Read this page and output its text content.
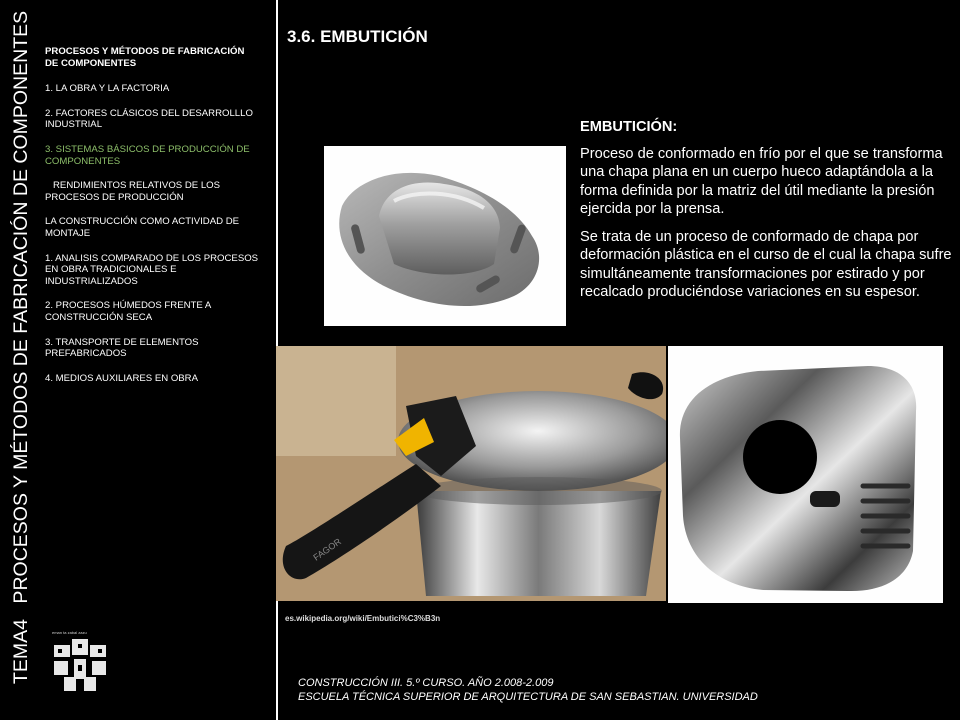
TEMA4 PROCESOS Y MÉTODOS DE FABRICACIÓN DE COMPONENTES	PROCESOS Y MÉTODOS DE FABRICACIÓN
DE COMPONENTES
1. LA OBRA Y LA FACTORIA
2. FACTORES CLÁSICOS DEL DESARROLLLO INDUSTRIAL
3. SISTEMAS BÁSICOS DE PRODUCCIÓN DE COMPONENTES
RENDIMIENTOS RELATIVOS DE LOS PROCESOS DE PRODUCCIÓN
LA CONSTRUCCIÓN COMO ACTIVIDAD DE MONTAJE
1. ANALISIS COMPARADO DE LOS PROCESOS EN OBRA TRADICIONALES E INDUSTRIALIZADOS
2. PROCESOS HÚMEDOS FRENTE A CONSTRUCCIÓN SECA
3. TRANSPORTE DE ELEMENTOS PREFABRICADOS
4. MEDIOS AUXILIARES EN OBRA
eman ta zabal zazu
3.6. EMBUTICIÓN
EMBUTICIÓN:

Proceso de conformado en frío por el que se transforma una chapa plana en un cuerpo hueco adaptándola a la forma definida por la matriz del útil mediante la presión ejercida por la prensa.

Se trata de un proceso de conformado de chapa por deformación plástica en el curso de el cual la chapa sufre simultáneamente transformaciones por estirado y por recalcado produciéndose variaciones en su espesor.

FAGOR
es.wikipedia.org/wiki/Embutici%C3%B3n
CONSTRUCCIÓN III. 5.º CURSO. AÑO 2.008-2.009
ESCUELA TÉCNICA SUPERIOR DE ARQUITECTURA DE SAN SEBASTIAN. UNIVERSIDAD
